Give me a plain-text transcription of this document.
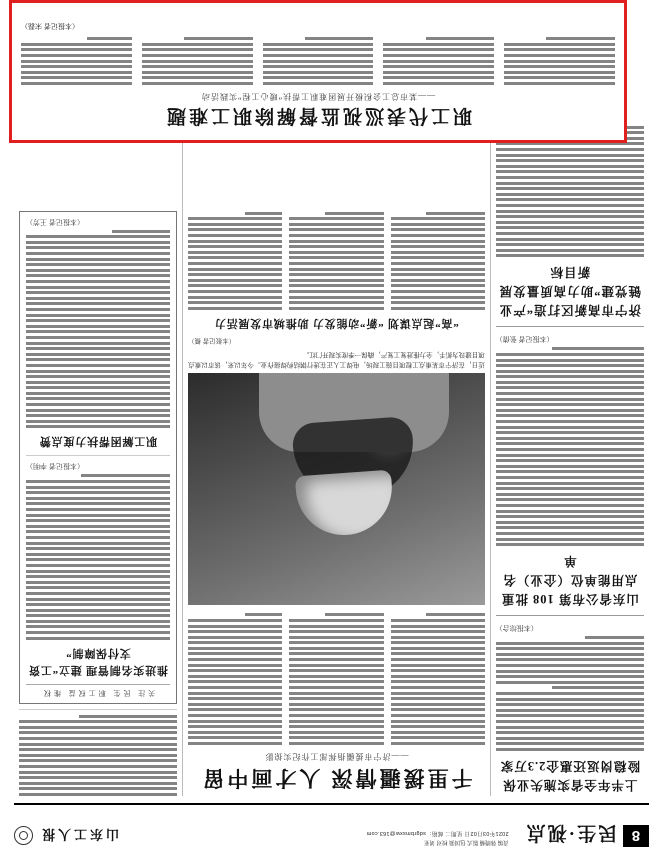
8
民生·视点
责编 韩晓楠 版式 包国强 校对 刘亚
2021年03月02日 星期二 邮箱：sdgrbmsxw@163.com
山东工人报
上半年全省实施失业保险稳岗返还惠企2.3万家
（本报综合）
山东省公布第 108 批重点用能单位（企业）名单
（本报记者 张倩）
济宁市高新区打造“产业链党建”助力高质量发展新目标
千里援疆情深 人才画中留
——济宁市援疆指挥部工作纪实掠影
近日，在济宁市某重点工程项目施工现场，电焊工人正在进行钢结构焊接作业。今年以来，该市以重点项目建设为抓手，全力推进复工复产，确保一季度实现开门红。
（本报记者 摄）
“高”起点谋划 “新”动能发力 助推城市发展活力
关注 民生 职工权益 维权
推进实名制管理 建立“工资支付保障制”
（本报记者 李明）
职工解困帮扶力度点赞
（本报记者 王芳）
职工代表巡视监督解除职工难题
——某市总工会积极开展困难职工帮扶“暖心工程”实践活动
（本报记者 宋磊）
